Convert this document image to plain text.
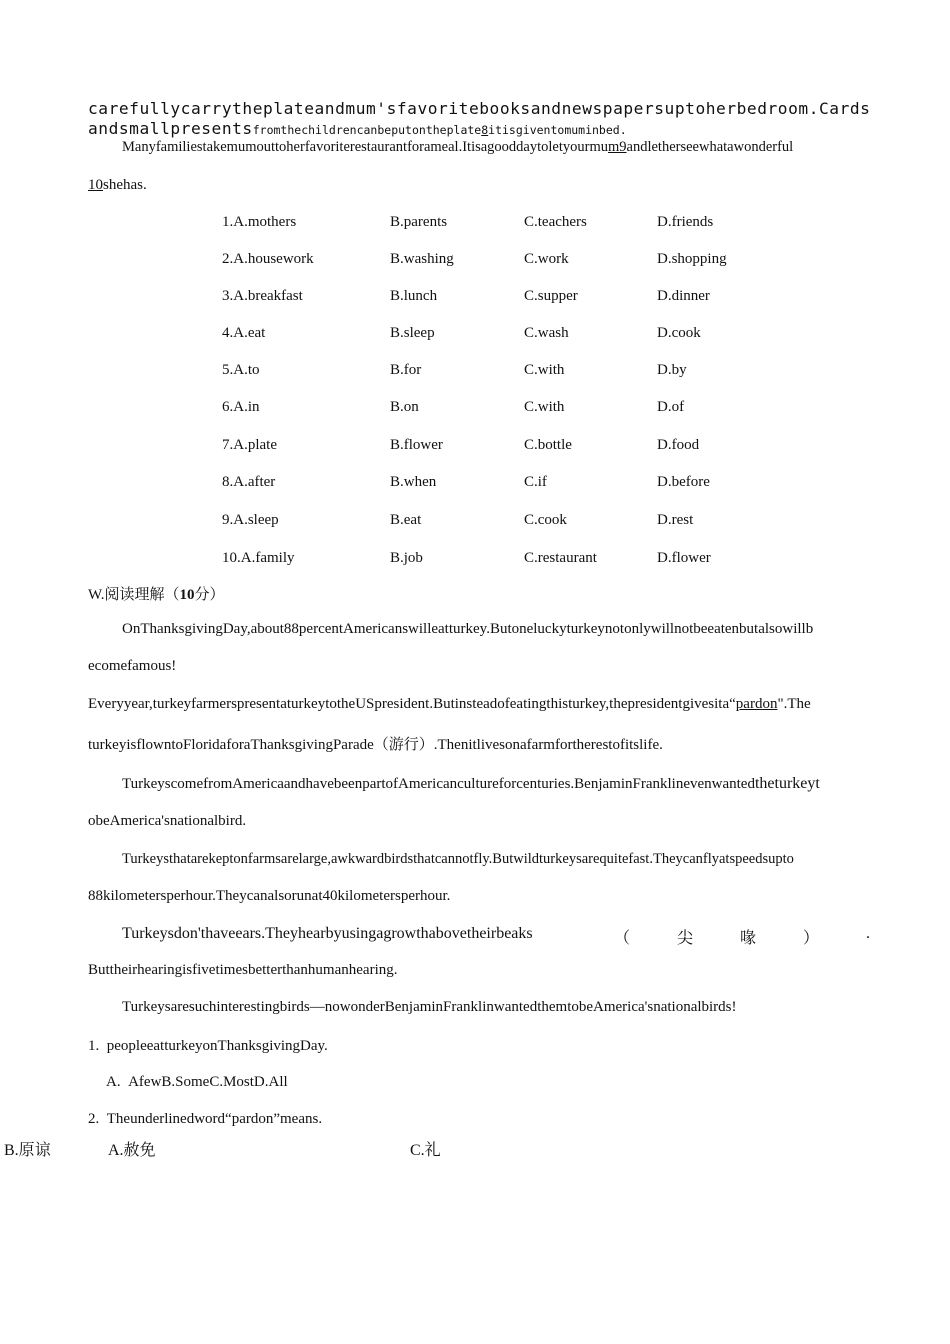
carefullycarrytheplateandmum'sfavoritebooksandnewspapersuptoherbedroom.Cards
andsmallpresentsfromthechildrencanbeputontheplate8itisgiventomuminbed.
Manyfamiliestakemumouttoherfavoriterestaurantforameal.Itisagooddaytoletyourmum9andletherseewhatawonderful
10shehas.
1.A.mothers	B.parents	C.teachers	D.friends
2.A.housework	B.washing	C.work	D.shopping
3.A.breakfast	B.lunch	C.supper	D.dinner
4.A.eat	B.sleep	C.wash	D.cook
5.A.to	B.for	C.with	D.by
6.A.in	B.on	C.with	D.of
7.A.plate	B.flower	C.bottle	D.food
8.A.after	B.when	C.if	D.before
9.A.sleep	B.eat	C.cook	D.rest
10.A.family	B.job	C.restaurant	D.flower
W.阅读理解（10分）
OnThanksgivingDay,about88percentAmericanswilleatturkey.Butoneluckyturkeynotonlywillnotbeeatenbutalsowillb
ecomefamous!
Everyyear,turkeyfarmerspresentaturkeytotheUSpresident.Butinsteadofeatingthisturkey,thepresidentgivesita“pardon".The
turkeyisflowntoFloridaforaThanksgivingParade（游行）.Thenitlivesonafarmfortherestofitslife.
TurkeyscomefromAmericaandhavebeenpartofAmericancultureforcenturies.BenjaminFranklinevenwantedtheturkeyt
obeAmerica'snationalbird.
Turkeysthatarekeptonfarmsarelarge,awkwardbirdsthatcannotfly.Butwildturkeysarequitefast.Theycanflyatspeedsupto
88kilometersperhour.Theycanalsorunat40kilometersperhour.
Turkeysdon'thaveears.Theyhearbyusingagrowthabovetheirbeaks	（	尖	喙	）	.
Buttheirhearingisfivetimesbetterthanhumanhearing.
Turkeysaresuchinterestingbirds—nowonderBenjaminFranklinwantedthemtobeAmerica'snationalbirds!
1. peopleeatturkeyonThanksgivingDay.
A. AfewB.SomeC.MostD.All
2. Theunderlinedword“pardon”means.
B.原谅	A.赦免	C.礼
